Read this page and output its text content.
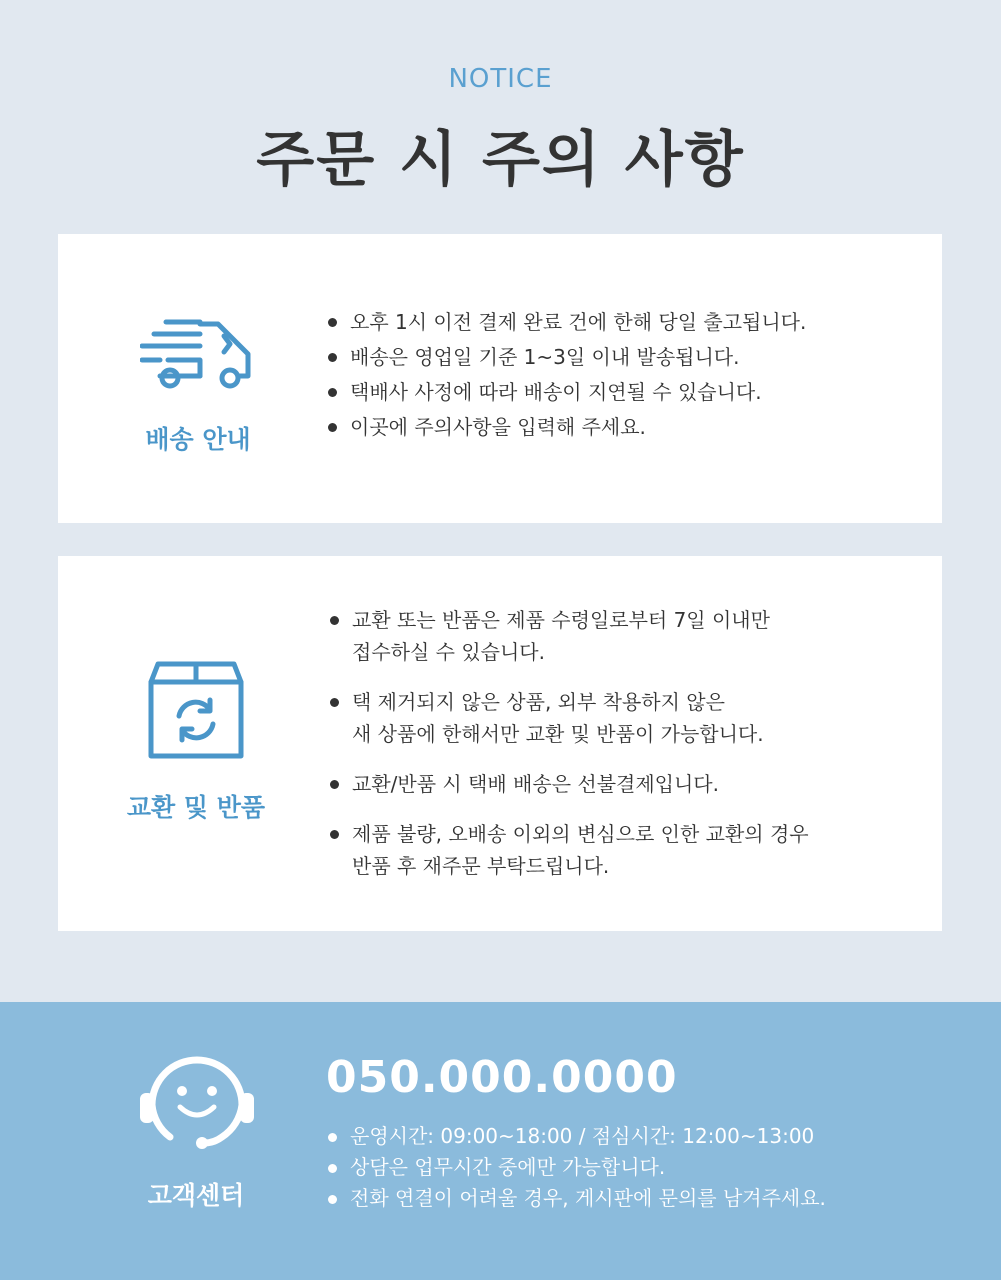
NOTICE
주문 시 주의 사항
배송 안내
오후 1시 이전 결제 완료 건에 한해 당일 출고됩니다.
배송은 영업일 기준 1~3일 이내 발송됩니다.
택배사 사정에 따라 배송이 지연될 수 있습니다.
이곳에 주의사항을 입력해 주세요.
교환 및 반품
교환 또는 반품은 제품 수령일로부터 7일 이내만
접수하실 수 있습니다.
택 제거되지 않은 상품, 외부 착용하지 않은
새 상품에 한해서만 교환 및 반품이 가능합니다.
교환/반품 시 택배 배송은 선불결제입니다.
제품 불량, 오배송 이외의 변심으로 인한 교환의 경우
반품 후 재주문 부탁드립니다.
고객센터
050.000.0000
운영시간: 09:00~18:00 / 점심시간: 12:00~13:00
상담은 업무시간 중에만 가능합니다.
전화 연결이 어려울 경우, 게시판에 문의를 남겨주세요.
